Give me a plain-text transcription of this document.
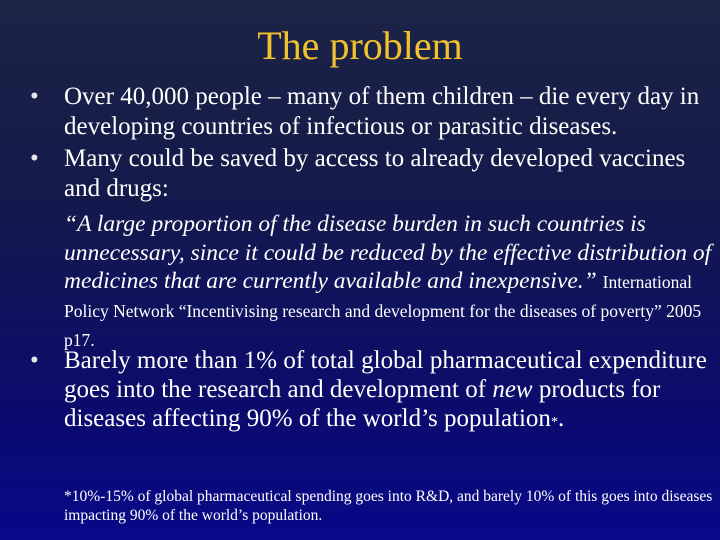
The problem
•	Over 40,000 people – many of them children – die every day in developing countries of infectious or parasitic diseases.
•	Many could be saved by access to already developed vaccines and drugs:
“A large proportion of the disease burden in such countries is unnecessary, since it could be reduced by the effective distribution of medicines that are currently available and inexpensive.” International Policy Network “Incentivising research and development for the diseases of poverty” 2005 p17.
•	Barely more than 1% of total global pharmaceutical expenditure goes into the research and development of new products for diseases affecting 90% of the world’s population*.
*10%-15% of global pharmaceutical spending goes into R&D, and barely 10% of this goes into diseases impacting 90% of the world’s population.
